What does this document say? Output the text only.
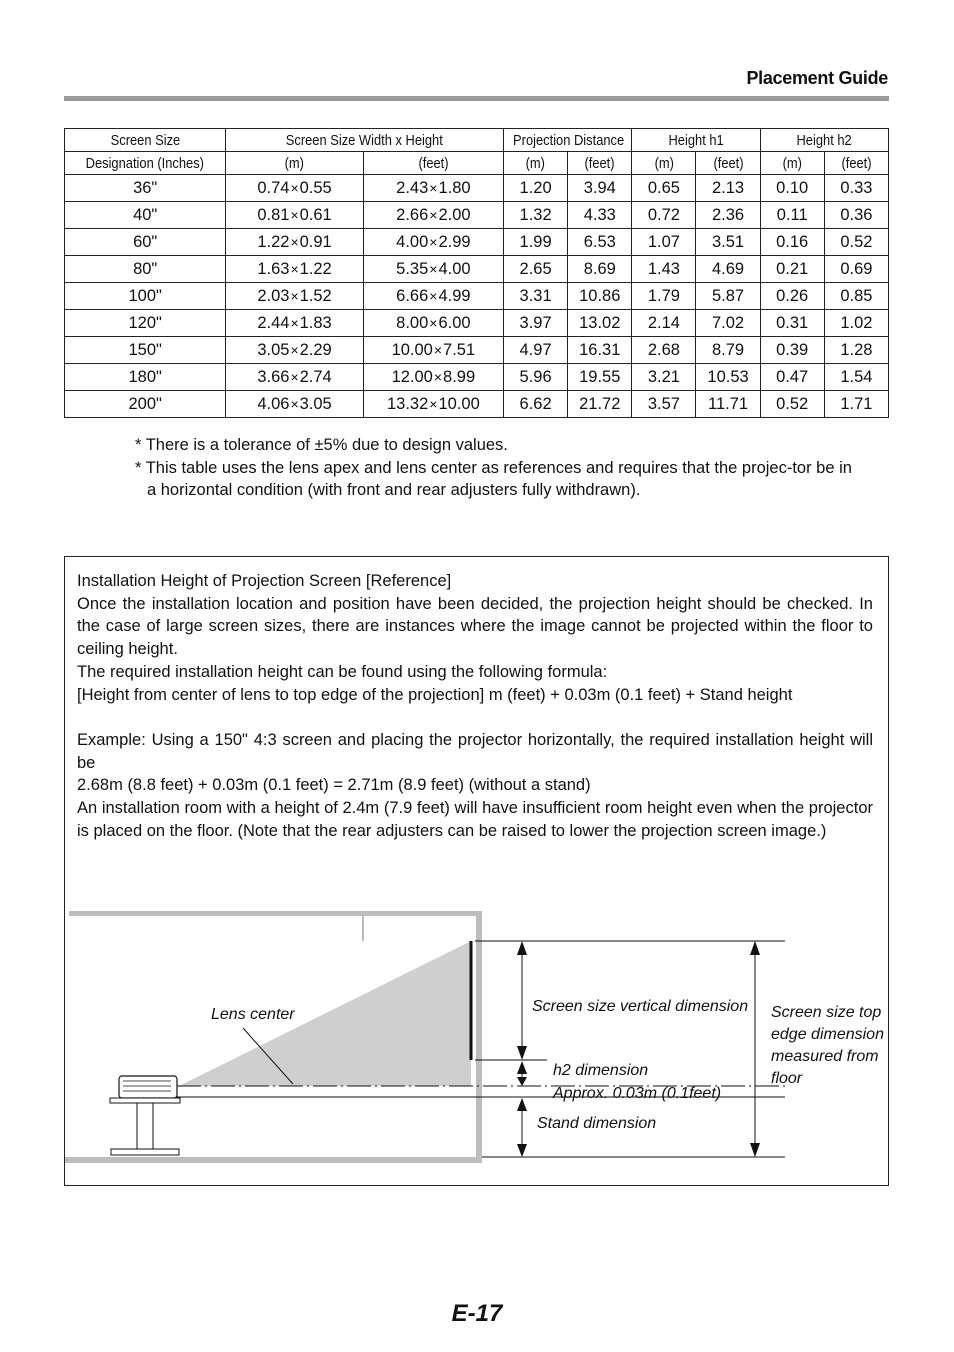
Placement Guide
Screen Size	Screen Size Width x Height		Projection Distance		Height h1		Height h2	
Designation (Inches)	(m)	(feet)	(m)	(feet)	(m)	(feet)	(m)	(feet)
36"	0.74×0.55	2.43×1.80	1.20	3.94	0.65	2.13	0.10	0.33
40"	0.81×0.61	2.66×2.00	1.32	4.33	0.72	2.36	0.11	0.36
60"	1.22×0.91	4.00×2.99	1.99	6.53	1.07	3.51	0.16	0.52
80"	1.63×1.22	5.35×4.00	2.65	8.69	1.43	4.69	0.21	0.69
100"	2.03×1.52	6.66×4.99	3.31	10.86	1.79	5.87	0.26	0.85
120"	2.44×1.83	8.00×6.00	3.97	13.02	2.14	7.02	0.31	1.02
150"	3.05×2.29	10.00×7.51	4.97	16.31	2.68	8.79	0.39	1.28
180"	3.66×2.74	12.00×8.99	5.96	19.55	3.21	10.53	0.47	1.54
200"	4.06×3.05	13.32×10.00	6.62	21.72	3.57	11.71	0.52	1.71
* There is a tolerance of ±5% due to design values.
* This table uses the lens apex and lens center as references and requires that the projec-tor be in a horizontal condition (with front and rear adjusters fully withdrawn).

Installation Height of Projection Screen [Reference]

Once the installation location and position have been decided, the projection height should be checked. In the case of large screen sizes, there are instances where the image cannot be projected within the floor to ceiling height.

The required installation height can be found using the following formula:

[Height from center of lens to top edge of the projection] m (feet) + 0.03m (0.1 feet) + Stand height

Example: Using a 150" 4:3 screen and placing the projector horizontally, the required installation height will be

2.68m (8.8 feet) + 0.03m (0.1 feet) = 2.71m (8.9 feet) (without a stand)

An installation room with a height of 2.4m (7.9 feet) will have insufficient room height even when the projector is placed on the floor. (Note that the rear adjusters can be raised to lower the projection screen image.)

Lens center	Screen size vertical dimension
h2 dimension
Approx. 0.03m (0.1feet)
Stand dimension
Screen size top
edge dimension
measured from
floor
E-17
